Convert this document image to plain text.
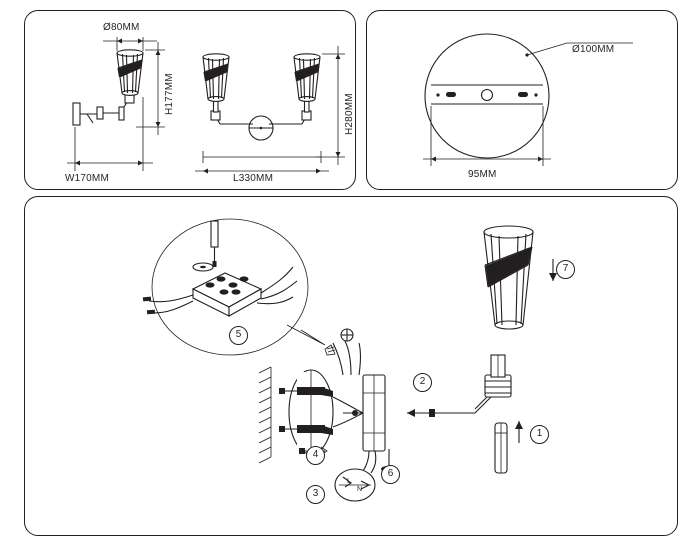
Ø80MM
H177MM	H280MM
W170MM	L330MM
Ø100MM
95MM
L
N
1
2
3
4
5
6
7
